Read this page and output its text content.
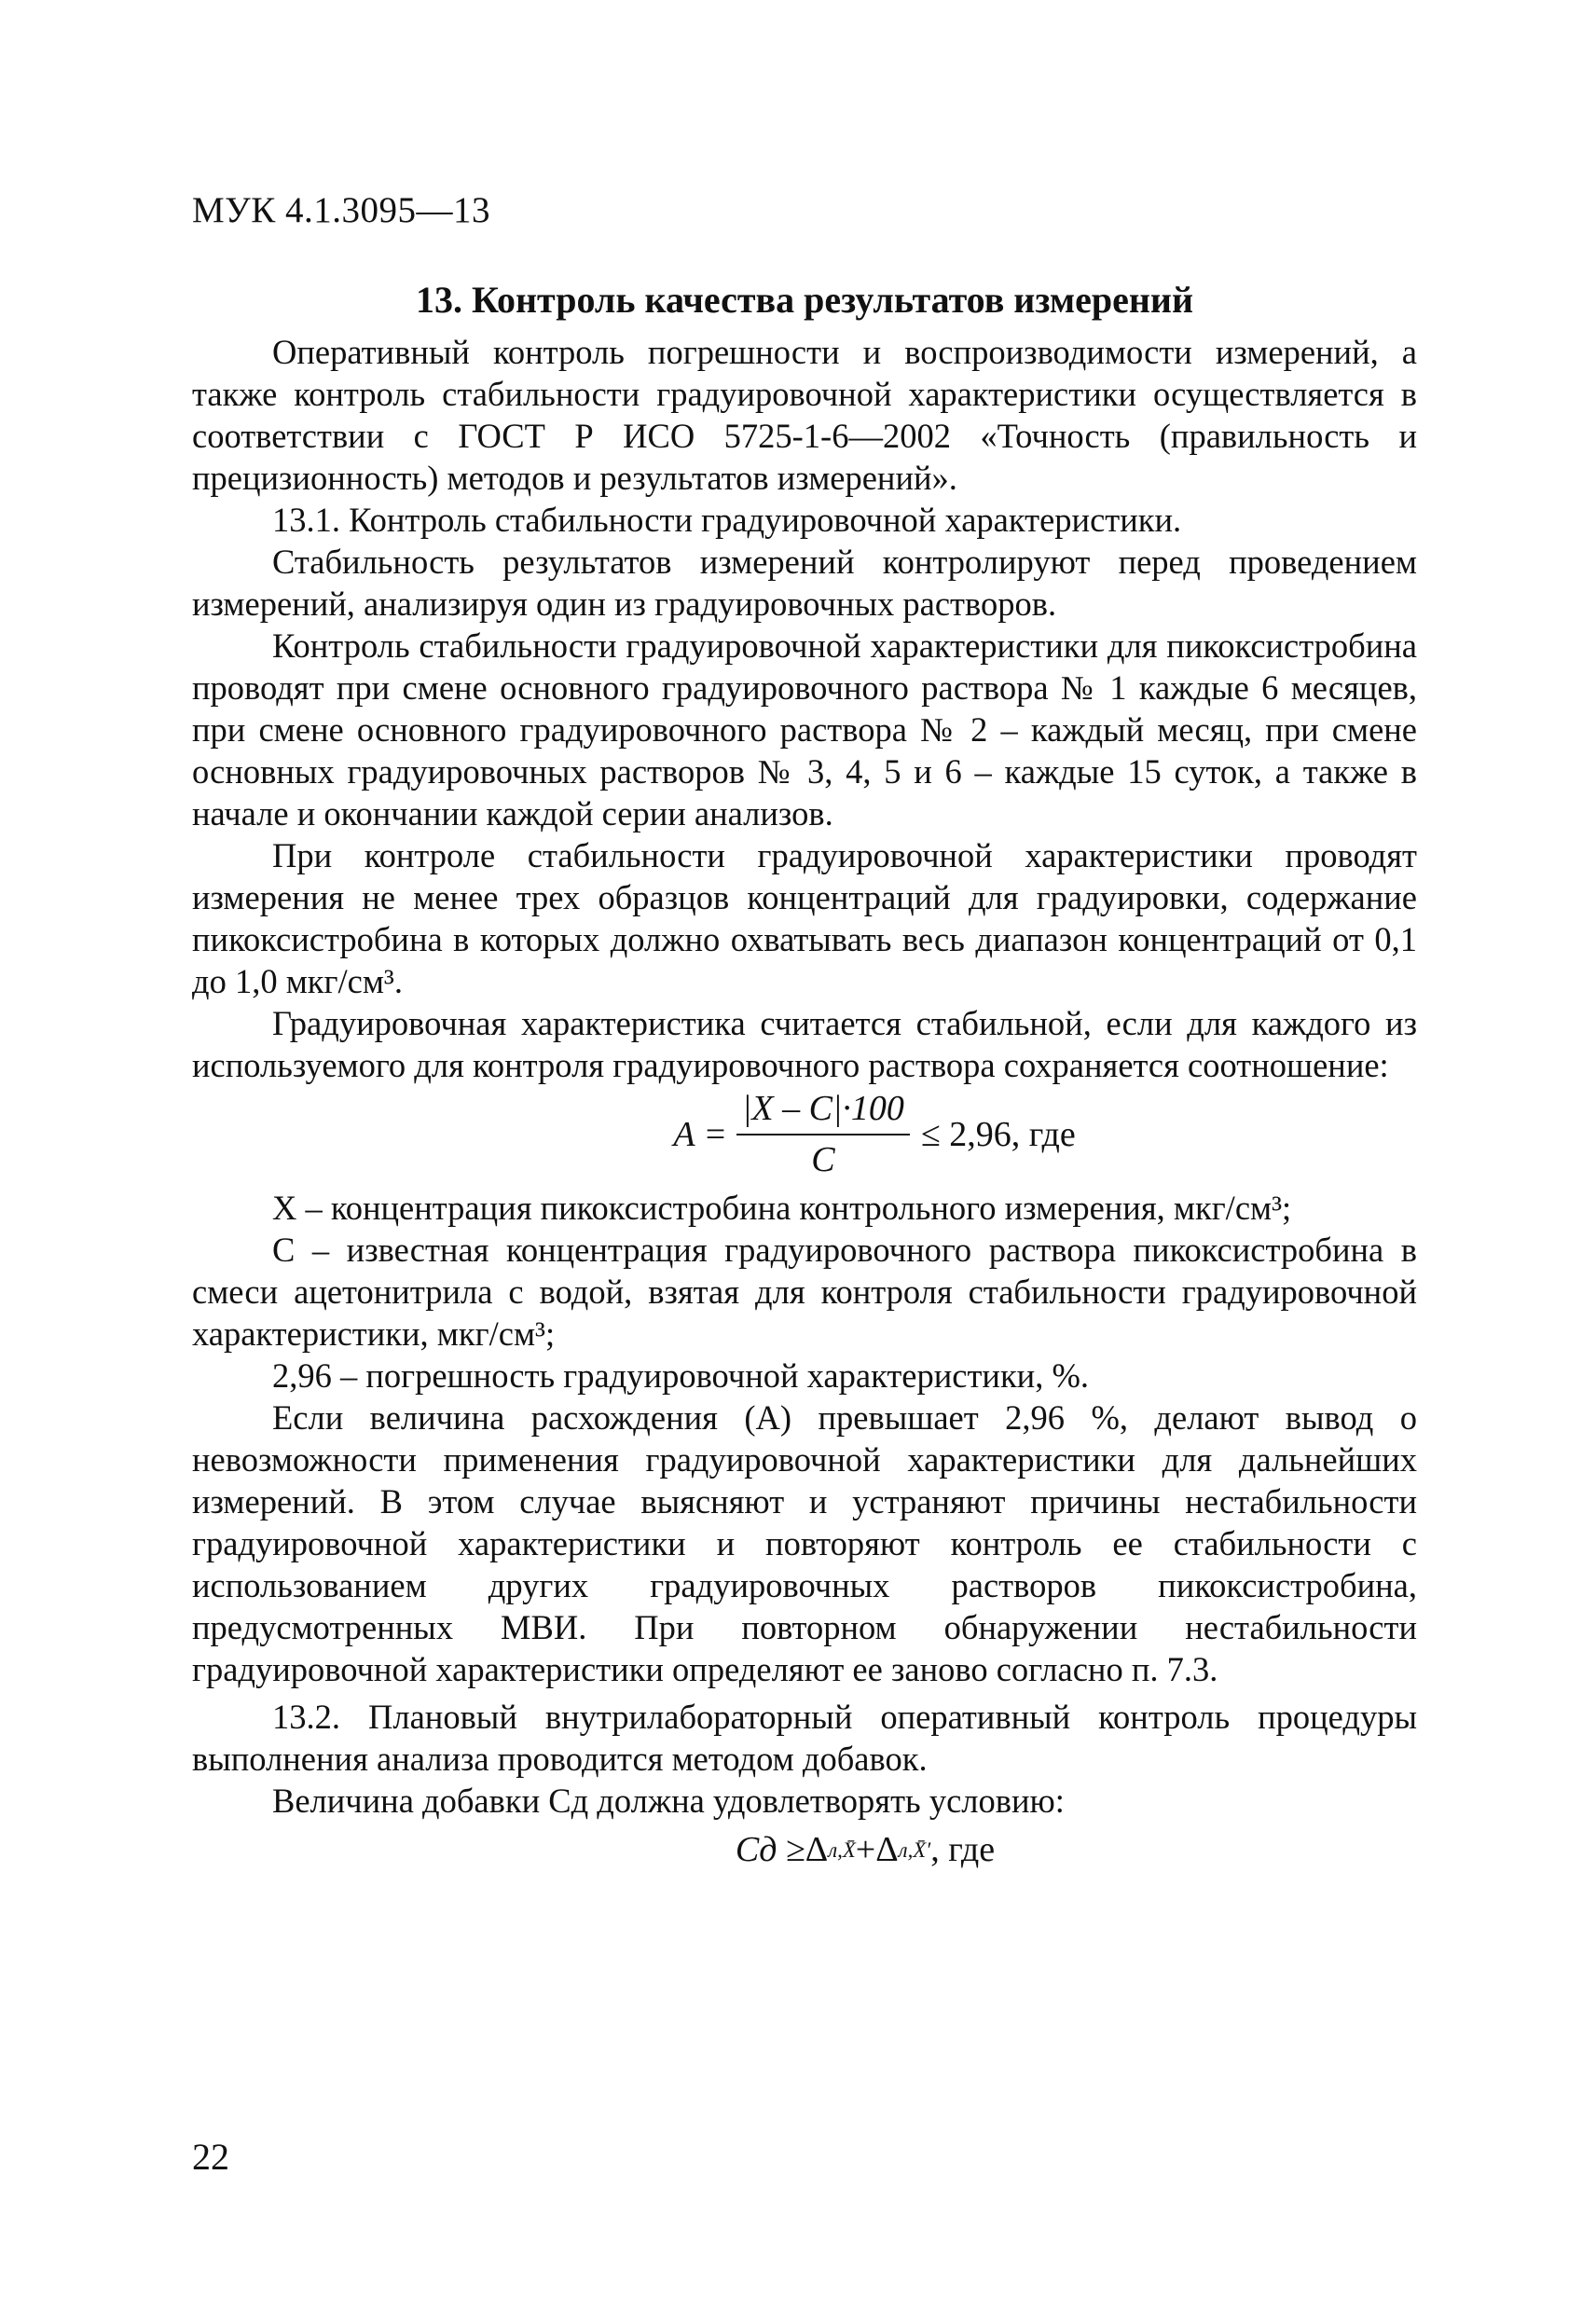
МУК 4.1.3095—13
13. Контроль качества результатов измерений

Оперативный контроль погрешности и воспроизводимости измерений, а также контроль стабильности градуировочной характеристики осуществляется в соответствии с ГОСТ Р ИСО 5725-1-6—2002 «Точность (правильность и прецизионность) методов и результатов измерений».

13.1. Контроль стабильности градуировочной характеристики.

Стабильность результатов измерений контролируют перед проведением измерений, анализируя один из градуировочных растворов.

Контроль стабильности градуировочной характеристики для пикоксистробина проводят при смене основного градуировочного раствора № 1 каждые 6 месяцев, при смене основного градуировочного раствора № 2 – каждый месяц, при смене основных градуировочных растворов № 3, 4, 5 и 6 – каждые 15 суток, а также в начале и окончании каждой серии анализов.

При контроле стабильности градуировочной характеристики проводят измерения не менее трех образцов концентраций для градуировки, содержание пикоксистробина в которых должно охватывать весь диапазон концентраций от 0,1 до 1,0 мкг/см³.

Градуировочная характеристика считается стабильной, если для каждого из используемого для контроля градуировочного раствора сохраняется соотношение:

$A = \frac{|X - C|\cdot 100}{C} \le 2,96$, где

X – концентрация пикоксистробина контрольного измерения, мкг/см³;

C – известная концентрация градуировочного раствора пикоксистробина в смеси ацетонитрила с водой, взятая для контроля стабильности градуировочной характеристики, мкг/см³;

2,96 – погрешность градуировочной характеристики, %.

Если величина расхождения (A) превышает 2,96 %, делают вывод о невозможности применения градуировочной характеристики для дальнейших измерений. В этом случае выясняют и устраняют причины нестабильности градуировочной характеристики и повторяют контроль ее стабильности с использованием других градуировочных растворов пикоксистробина, предусмотренных МВИ. При повторном обнаружении нестабильности градуировочной характеристики определяют ее заново согласно п. 7.3.

13.2. Плановый внутрилабораторный оперативный контроль процедуры выполнения анализа проводится методом добавок.

Величина добавки Cд должна удовлетворять условию:

Cд ≥ Δ л,X̄ + Δ л,X̄′ , где
22
